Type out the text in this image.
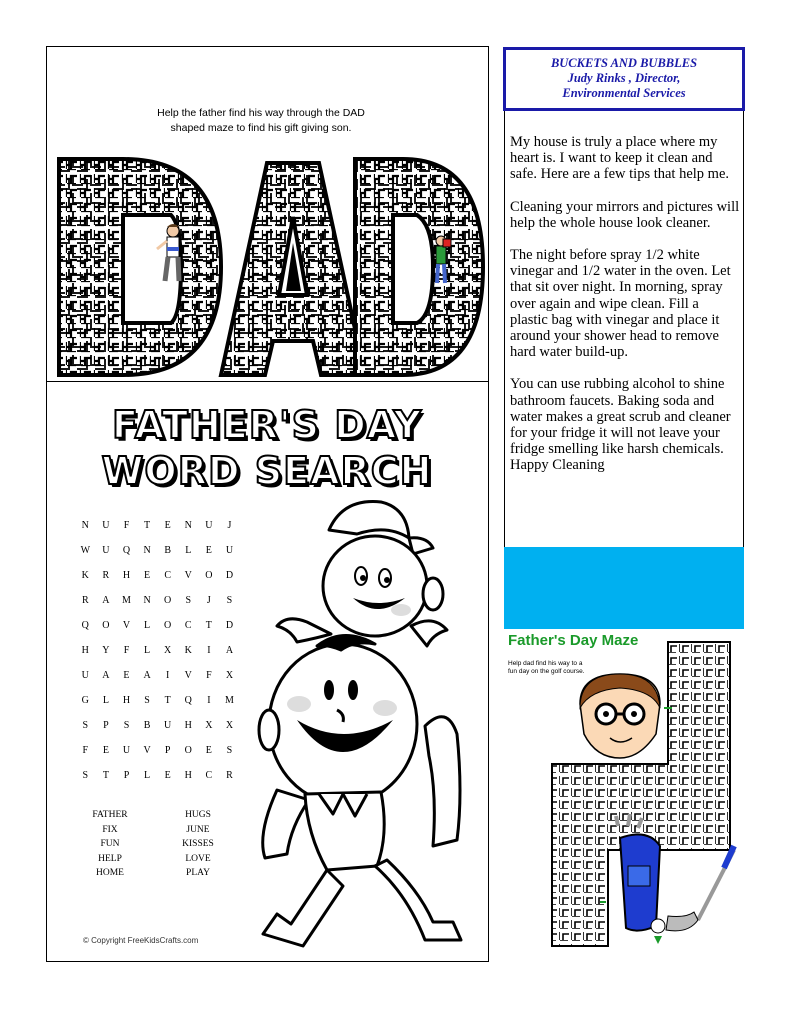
Help the father find his way through the DAD
shaped maze to find his gift giving son.
FATHER'S DAY
WORD SEARCH
N	U	F	T	E	N	U	J
W	U	Q	N	B	L	E	U
K	R	H	E	C	V	O	D
R	A	M	N	O	S	J	S
Q	O	V	L	O	C	T	D
H	Y	F	L	X	K	I	A
U	A	E	A	I	V	F	X
G	L	H	S	T	Q	I	M
S	P	S	B	U	H	X	X
F	E	U	V	P	O	E	S
S	T	P	L	E	H	C	R
FATHER
FIX
FUN
HELP
HOME
HUGS
JUNE
KISSES
LOVE
PLAY
© Copyright FreeKidsCrafts.com

My house is truly a place where my heart is. I want to keep it clean and safe. Here are a few tips that help me.

Cleaning your mirrors and pictures will help the whole house look cleaner.

The night before spray 1/2 white vinegar and 1/2 water in the oven. Let that sit over night. In morning, spray over again and wipe clean. Fill a plastic bag with vinegar and place it around your shower head to remove hard water build-up.

You can use rubbing alcohol to shine bathroom faucets. Baking soda and water makes a great scrub and cleaner for your fridge it will not leave your fridge smelling like harsh chemicals.

Happy Cleaning

BUCKETS AND BUBBLES
Judy Rinks , Director,
Environmental Services
Father's Day Maze
Help dad find his way to a
fun day on the golf course.
